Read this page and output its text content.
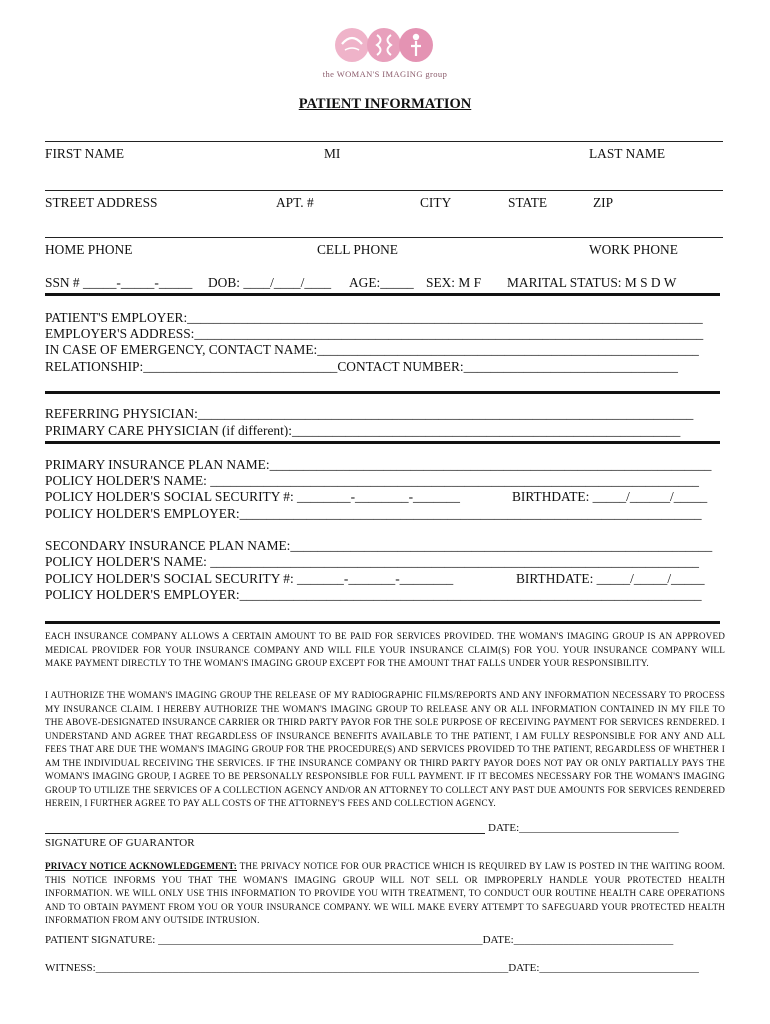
the WOMAN'S IMAGING group
PATIENT INFORMATION
FIRST NAME	MI	LAST NAME
STREET ADDRESS	APT. #	CITY	STATE	ZIP
HOME PHONE	CELL PHONE	WORK PHONE
SSN # _____-_____-_____ DOB: ____/____/____ AGE:_____ SEX: M F MARITAL STATUS: M S D W
PATIENT'S EMPLOYER:_____________________________________________________________________________
EMPLOYER'S ADDRESS:____________________________________________________________________________
IN CASE OF EMERGENCY, CONTACT NAME:_________________________________________________________
RELATIONSHIP:_____________________________CONTACT NUMBER:________________________________
REFERRING PHYSICIAN:__________________________________________________________________________
PRIMARY CARE PHYSICIAN (if different):__________________________________________________________
PRIMARY INSURANCE PLAN NAME:__________________________________________________________________
POLICY HOLDER'S NAME: _________________________________________________________________________
POLICY HOLDER'S SOCIAL SECURITY #: ________-________-_______	BIRTHDATE: _____/______/_____
POLICY HOLDER'S EMPLOYER:_____________________________________________________________________
SECONDARY INSURANCE PLAN NAME:_______________________________________________________________
POLICY HOLDER'S NAME: _________________________________________________________________________
POLICY HOLDER'S SOCIAL SECURITY #: _______-_______-________	BIRTHDATE: _____/_____/_____
POLICY HOLDER'S EMPLOYER:_____________________________________________________________________
EACH INSURANCE COMPANY ALLOWS A CERTAIN AMOUNT TO BE PAID FOR SERVICES PROVIDED. THE WOMAN'S IMAGING GROUP IS AN APPROVED MEDICAL PROVIDER FOR YOUR INSURANCE COMPANY AND WILL FILE YOUR INSURANCE CLAIM(S) FOR YOU. YOUR INSURANCE COMPANY WILL MAKE PAYMENT DIRECTLY TO THE WOMAN'S IMAGING GROUP EXCEPT FOR THE AMOUNT THAT FALLS UNDER YOUR RESPONSIBILITY.
I AUTHORIZE THE WOMAN'S IMAGING GROUP THE RELEASE OF MY RADIOGRAPHIC FILMS/REPORTS AND ANY INFORMATION NECESSARY TO PROCESS MY INSURANCE CLAIM. I HEREBY AUTHORIZE THE WOMAN'S IMAGING GROUP TO RELEASE ANY OR ALL INFORMATION CONTAINED IN MY FILE TO THE ABOVE-DESIGNATED INSURANCE CARRIER OR THIRD PARTY PAYOR FOR THE SOLE PURPOSE OF RECEIVING PAYMENT FOR SERVICES RENDERED. I UNDERSTAND AND AGREE THAT REGARDLESS OF INSURANCE BENEFITS AVAILABLE TO THE PATIENT, I AM FULLY RESPONSIBLE FOR ANY AND ALL FEES THAT ARE DUE THE WOMAN'S IMAGING GROUP FOR THE PROCEDURE(S) AND SERVICES PROVIDED TO THE PATIENT, REGARDLESS OF WHETHER I AM THE INDIVIDUAL RECEIVING THE SERVICES. IF THE INSURANCE COMPANY OR THIRD PARTY PAYOR DOES NOT PAY OR ONLY PARTIALLY PAYS THE WOMAN'S IMAGING GROUP, I AGREE TO BE PERSONALLY RESPONSIBLE FOR FULL PAYMENT. IF IT BECOMES NECESSARY FOR THE WOMAN'S IMAGING GROUP TO UTILIZE THE SERVICES OF A COLLECTION AGENCY AND/OR AN ATTORNEY TO COLLECT ANY PAST DUE AMOUNTS FOR SERVICES RENDERED HEREIN, I FURTHER AGREE TO PAY ALL COSTS OF THE ATTORNEY'S FEES AND COLLECTION AGENCY.
DATE:_____________________________
SIGNATURE OF GUARANTOR
PRIVACY NOTICE ACKNOWLEDGEMENT: THE PRIVACY NOTICE FOR OUR PRACTICE WHICH IS REQUIRED BY LAW IS POSTED IN THE WAITING ROOM. THIS NOTICE INFORMS YOU THAT THE WOMAN'S IMAGING GROUP WILL NOT SELL OR IMPROPERLY HANDLE YOUR PROTECTED HEALTH INFORMATION. WE WILL ONLY USE THIS INFORMATION TO PROVIDE YOU WITH TREATMENT, TO CONDUCT OUR ROUTINE HEALTH CARE OPERATIONS AND TO OBTAIN PAYMENT FROM YOU OR YOUR INSURANCE COMPANY. WE WILL MAKE EVERY ATTEMPT TO SAFEGUARD YOUR PROTECTED HEALTH INFORMATION FROM ANY OUTSIDE INTRUSION.
PATIENT SIGNATURE: ___________________________________________________________DATE:_____________________________
WITNESS:___________________________________________________________________________DATE:_____________________________
